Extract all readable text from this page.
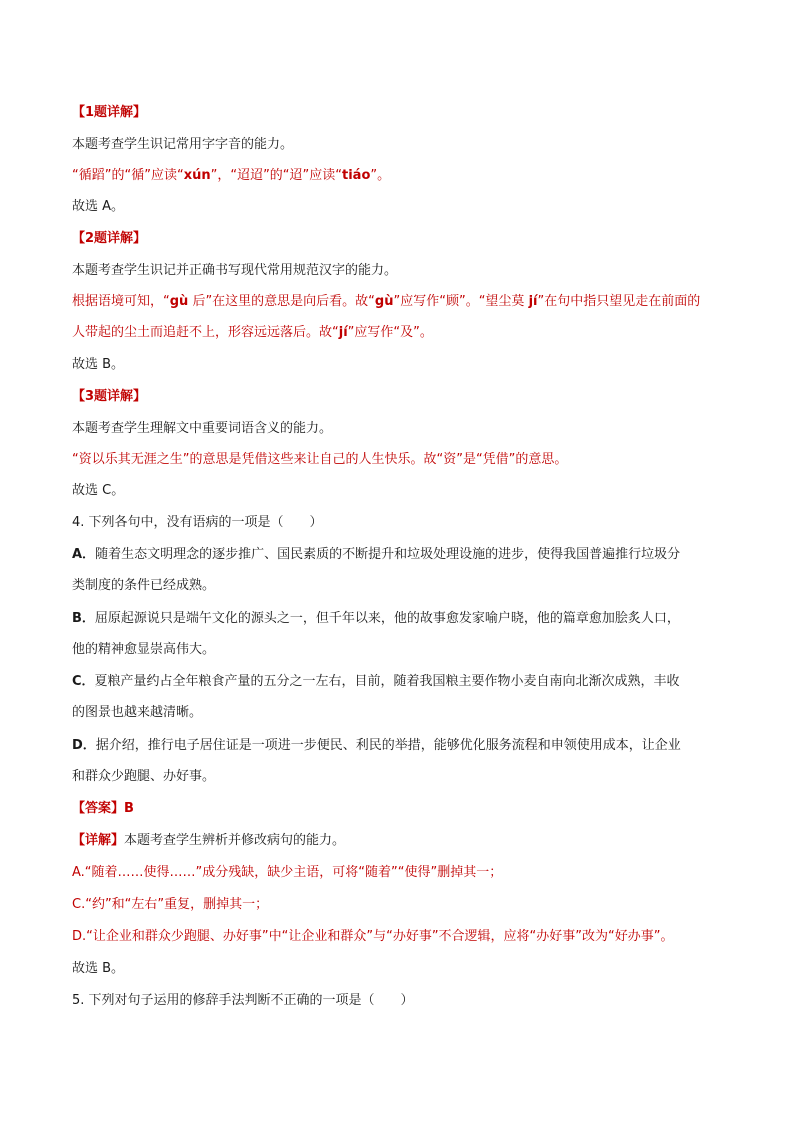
【1题详解】

本题考查学生识记常用字字音的能力。

“循蹈”的“循”应读“xún”，“迢迢”的“迢”应读“tiáo”。

故选 A。

【2题详解】

本题考查学生识记并正确书写现代常用规范汉字的能力。

根据语境可知，“gù 后”在这里的意思是向后看。故“gù”应写作“顾”。“望尘莫 jí”在句中指只望见走在前面的

人带起的尘土而追赶不上，形容远远落后。故“jí”应写作“及”。

故选 B。

【3题详解】

本题考查学生理解文中重要词语含义的能力。

“资以乐其无涯之生”的意思是凭借这些来让自己的人生快乐。故“资”是“凭借”的意思。

故选 C。

4. 下列各句中，没有语病的一项是（　　）

A．随着生态文明理念的逐步推广、国民素质的不断提升和垃圾处理设施的进步，使得我国普遍推行垃圾分

类制度的条件已经成熟。

B．屈原起源说只是端午文化的源头之一，但千年以来，他的故事愈发家喻户晓，他的篇章愈加脍炙人口，

他的精神愈显崇高伟大。

C．夏粮产量约占全年粮食产量的五分之一左右，目前，随着我国粮主要作物小麦自南向北渐次成熟，丰收

的图景也越来越清晰。

D．据介绍，推行电子居住证是一项进一步便民、利民的举措，能够优化服务流程和申领使用成本，让企业

和群众少跑腿、办好事。

【答案】B

【详解】本题考查学生辨析并修改病句的能力。

A.“随着……使得……”成分残缺，缺少主语，可将“随着”“使得”删掉其一；

C.“约”和“左右”重复，删掉其一；

D.“让企业和群众少跑腿、办好事”中“让企业和群众”与“办好事”不合逻辑，应将“办好事”改为“好办事”。

故选 B。

5. 下列对句子运用的修辞手法判断不正确的一项是（　　）
